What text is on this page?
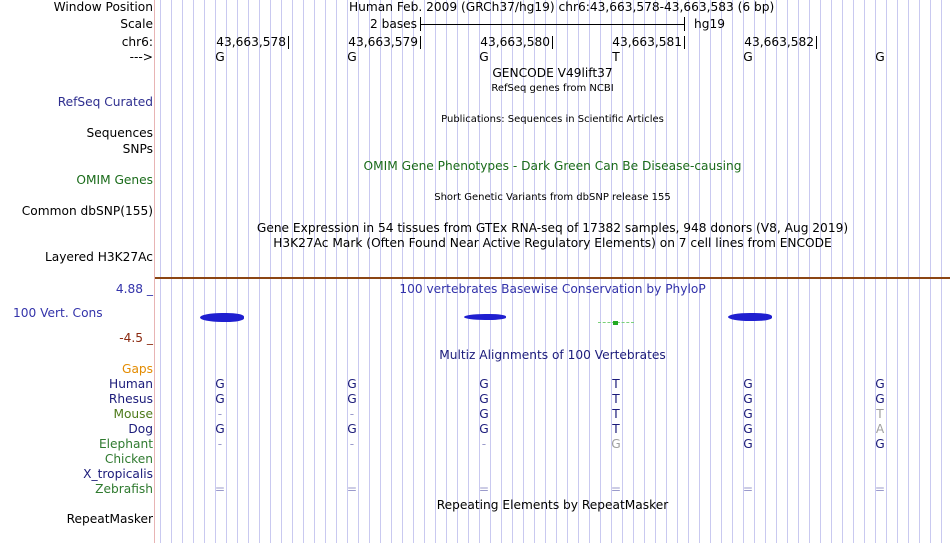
Window Position	Human Feb. 2009 (GRCh37/hg19) chr6:43,663,578-43,663,583 (6 bp)
Scale	2 bases	hg19
chr6:	43,663,578	43,663,579	43,663,580	43,663,581	43,663,582
--->	G	G	G	T	G	G
GENCODE V49lift37
RefSeq genes from NCBI
RefSeq Curated
Publications: Sequences in Scientific Articles
Sequences
SNPs
OMIM Gene Phenotypes - Dark Green Can Be Disease-causing
OMIM Genes
Short Genetic Variants from dbSNP release 155
Common dbSNP(155)
Gene Expression in 54 tissues from GTEx RNA-seq of 17382 samples, 948 donors (V8, Aug 2019)
H3K27Ac Mark (Often Found Near Active Regulatory Elements) on 7 cell lines from ENCODE
Layered H3K27Ac
4.88 _	100 vertebrates Basewise Conservation by PhyloP
100 Vert. Cons
-4.5 _
Multiz Alignments of 100 Vertebrates
Gaps
Human	G	G	G	T	G	G
Rhesus	G	G	G	T	G	G
Mouse	-	-	G	T	G	T
Dog	G	G	G	T	G	A
Elephant	-	-	-	G	G	G
Chicken
X_tropicalis
Zebrafish	=	=	=	=	=	=
Repeating Elements by RepeatMasker
RepeatMasker
